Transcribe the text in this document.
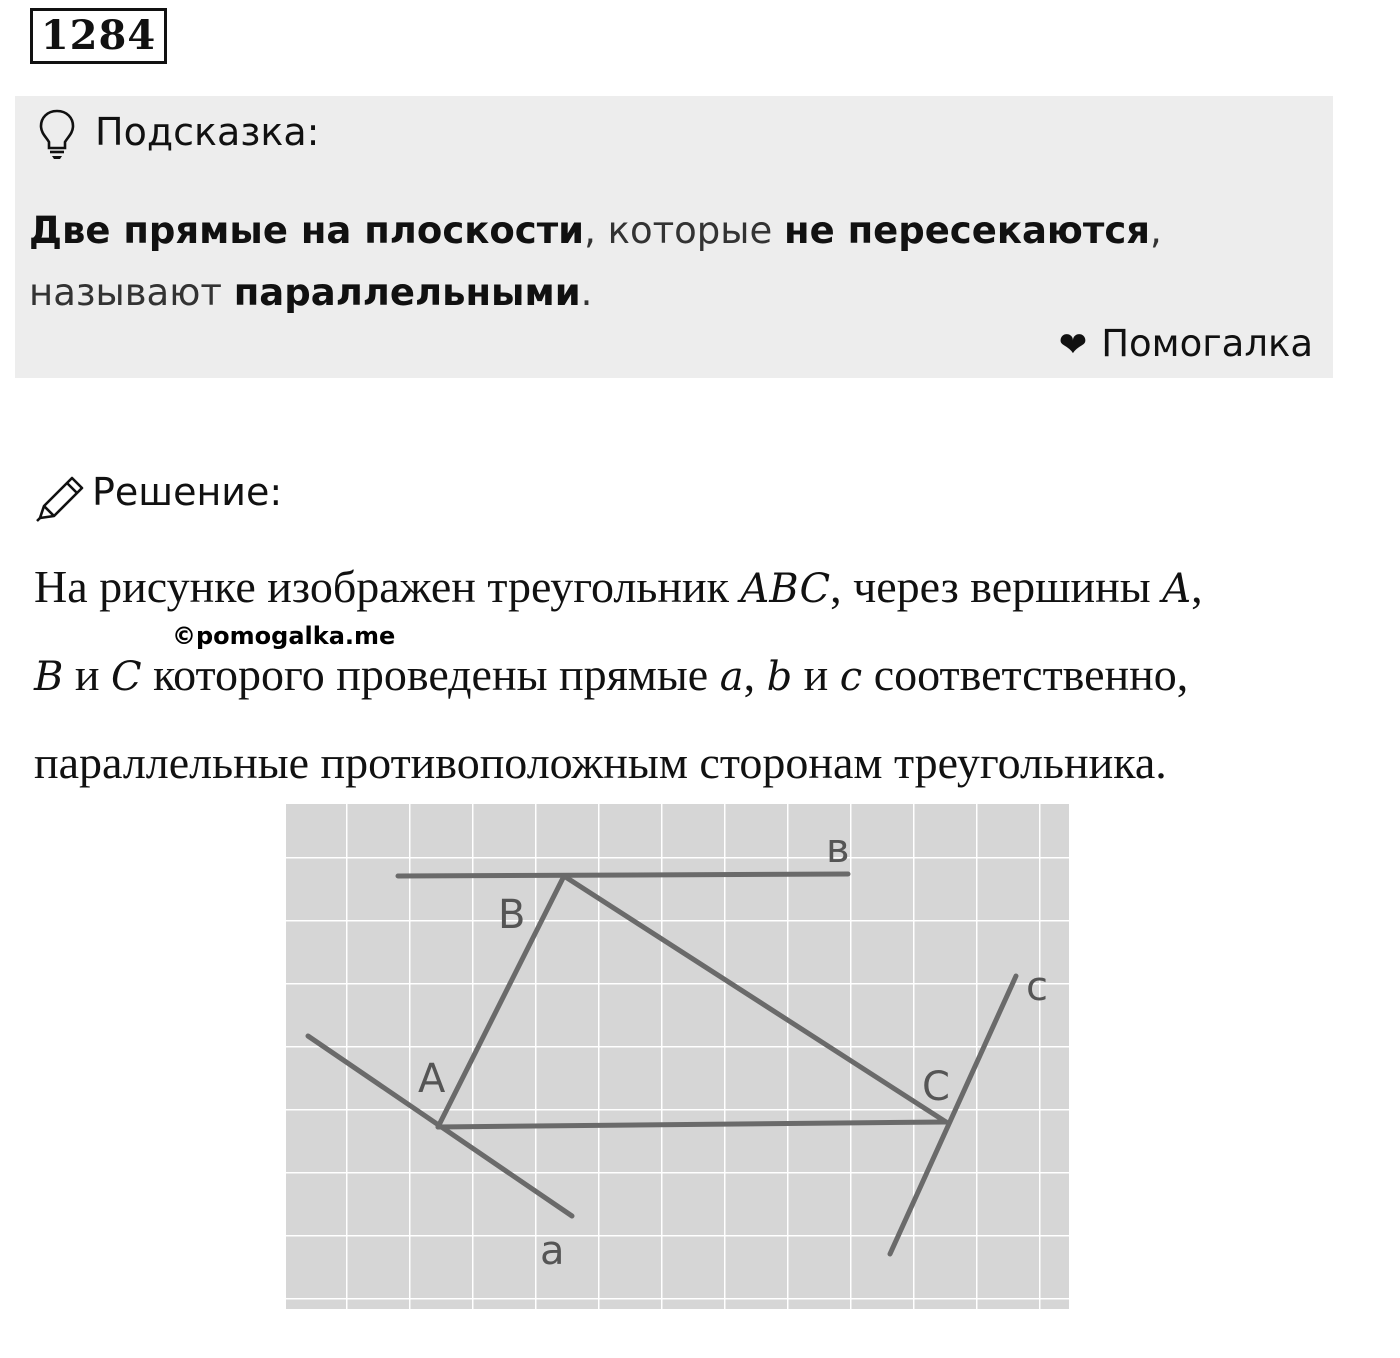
1284
Подсказка:
Две прямые на плоскости, которые не пересекаются,
называют параллельными.
❤ Помогалка
Решение:
На рисунке изображен треугольник ABC, через вершины A,
B и C которого проведены прямые a, b и c соответственно,
параллельные противоположным сторонам треугольника.
©pomogalka.me
в
B
c
A	C
a
